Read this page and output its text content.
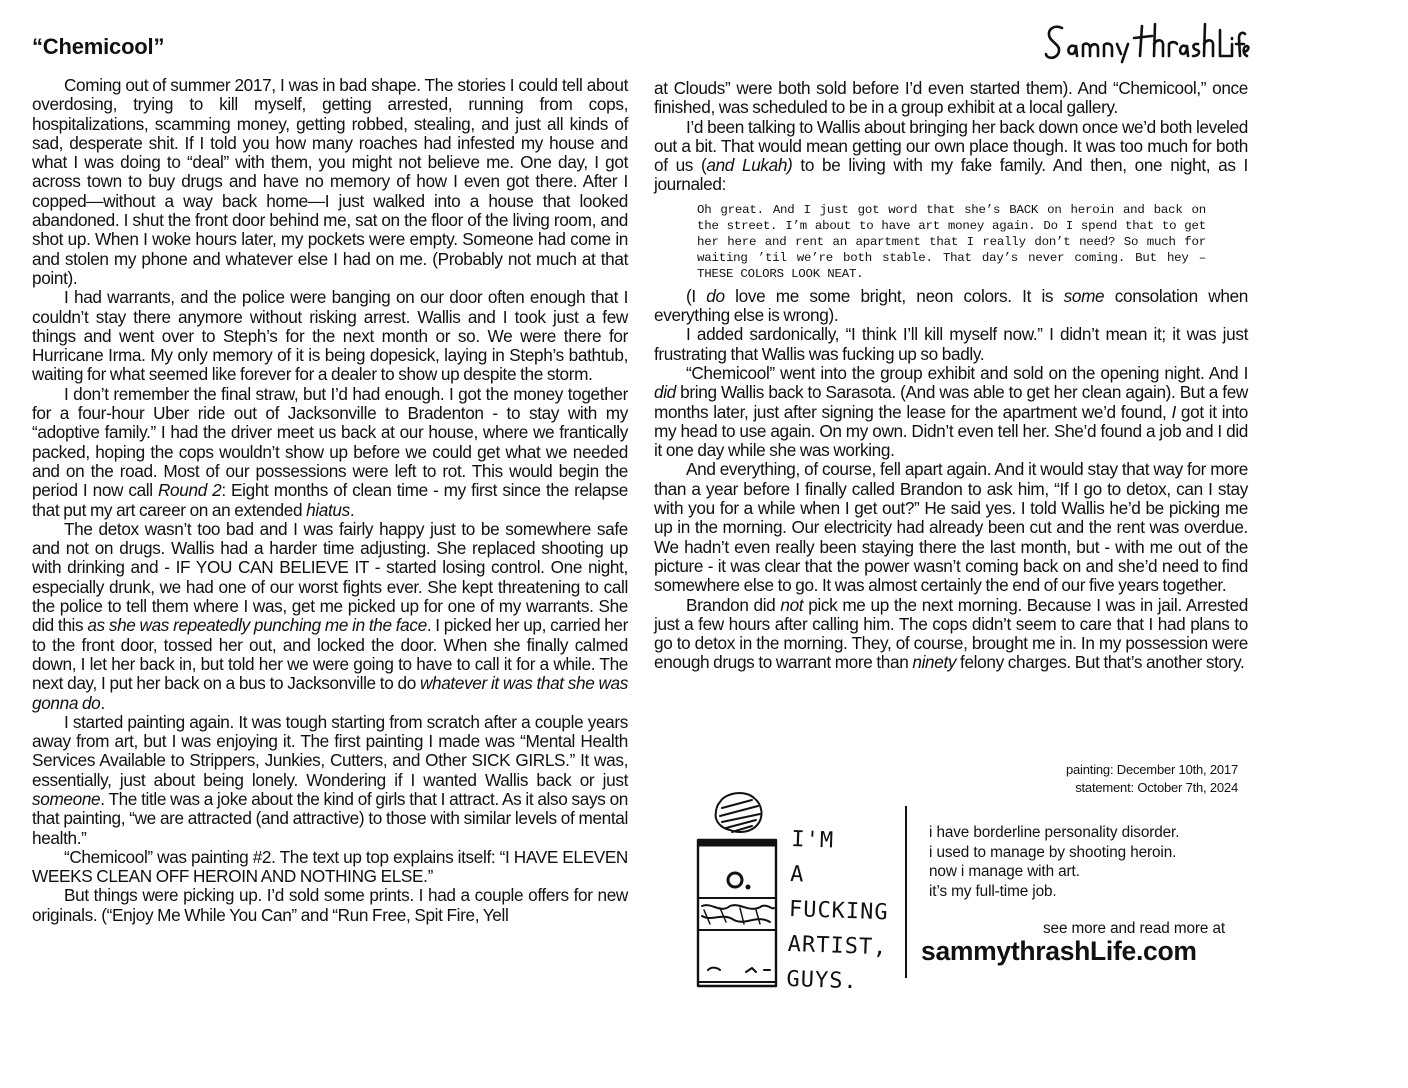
“Chemicool”

Coming out of summer 2017, I was in bad shape. The stories I could tell about overdosing, trying to kill myself, getting arrested, running from cops, hospitalizations, scamming money, getting robbed, stealing, and just all kinds of sad, desperate shit. If I told you how many roaches had infested my house and what I was doing to “deal” with them, you might not believe me. One day, I got across town to buy drugs and have no memory of how I even got there. After I copped—without a way back home—I just walked into a house that looked abandoned. I shut the front door behind me, sat on the floor of the living room, and shot up. When I woke hours later, my pockets were empty. Someone had come in and stolen my phone and whatever else I had on me. (Probably not much at that point).

I had warrants, and the police were banging on our door often enough that I couldn’t stay there anymore without risking arrest. Wallis and I took just a few things and went over to Steph’s for the next month or so. We were there for Hurricane Irma. My only memory of it is being dopesick, laying in Steph’s bathtub, waiting for what seemed like forever for a dealer to show up despite the storm.

I don’t remember the final straw, but I’d had enough. I got the money together for a four-hour Uber ride out of Jacksonville to Bradenton - to stay with my “adoptive family.” I had the driver meet us back at our house, where we frantically packed, hoping the cops wouldn’t show up before we could get what we needed and on the road. Most of our possessions were left to rot. This would begin the period I now call Round 2: Eight months of clean time - my first since the relapse that put my art career on an extended hiatus.

The detox wasn’t too bad and I was fairly happy just to be somewhere safe and not on drugs. Wallis had a harder time adjusting. She replaced shooting up with drinking and - IF YOU CAN BELIEVE IT - started losing control. One night, especially drunk, we had one of our worst fights ever. She kept threatening to call the police to tell them where I was, get me picked up for one of my warrants. She did this as she was repeatedly punching me in the face. I picked her up, carried her to the front door, tossed her out, and locked the door. When she finally calmed down, I let her back in, but told her we were going to have to call it for a while. The next day, I put her back on a bus to Jacksonville to do whatever it was that she was gonna do.

I started painting again. It was tough starting from scratch after a couple years away from art, but I was enjoying it. The first painting I made was “Mental Health Services Available to Strippers, Junkies, Cutters, and Other SICK GIRLS.” It was, essentially, just about being lonely. Wondering if I wanted Wallis back or just someone. The title was a joke about the kind of girls that I attract. As it also says on that painting, “we are attracted (and attractive) to those with similar levels of mental health.”

“Chemicool” was painting #2. The text up top explains itself: “I HAVE ELEVEN WEEKS CLEAN OFF HEROIN AND NOTHING ELSE.”

But things were picking up. I’d sold some prints. I had a couple offers for new originals. (“Enjoy Me While You Can” and “Run Free, Spit Fire, Yell

at Clouds” were both sold before I’d even started them). And “Chemicool,” once finished, was scheduled to be in a group exhibit at a local gallery.

I’d been talking to Wallis about bringing her back down once we’d both leveled out a bit. That would mean getting our own place though. It was too much for both of us (and Lukah) to be living with my fake family. And then, one night, as I journaled:

Oh great. And I just got word that she’s BACK on heroin and back on the street. I’m about to have art money again. Do I spend that to get her here and rent an apartment that I really don’t need? So much for waiting ’til we’re both stable. That day’s never coming. But hey – THESE COLORS LOOK NEAT.

(I do love me some bright, neon colors. It is some consolation when everything else is wrong).

I added sardonically, “I think I’ll kill myself now.” I didn’t mean it; it was just frustrating that Wallis was fucking up so badly.

“Chemicool” went into the group exhibit and sold on the opening night. And I did bring Wallis back to Sarasota. (And was able to get her clean again). But a few months later, just after signing the lease for the apartment we’d found, I got it into my head to use again. On my own. Didn’t even tell her. She’d found a job and I did it one day while she was working.

And everything, of course, fell apart again. And it would stay that way for more than a year before I finally called Brandon to ask him, “If I go to detox, can I stay with you for a while when I get out?” He said yes. I told Wallis he’d be picking me up in the morning. Our electricity had already been cut and the rent was overdue. We hadn’t even really been staying there the last month, but - with me out of the picture - it was clear that the power wasn’t coming back on and she’d need to find somewhere else to go. It was almost certainly the end of our five years together.

Brandon did not pick me up the next morning. Because I was in jail. Arrested just a few hours after calling him. The cops didn’t seem to care that I had plans to go to detox in the morning. They, of course, brought me in. In my possession were enough drugs to warrant more than ninety felony charges. But that’s another story.

painting: December 10th, 2017
statement: October 7th, 2024
I'M A FUCKING ARTIST, GUYS.
i have borderline personality disorder.
i used to manage by shooting heroin.
now i manage with art.
it’s my full-time job.
see more and read more at
sammythrashLife.com
